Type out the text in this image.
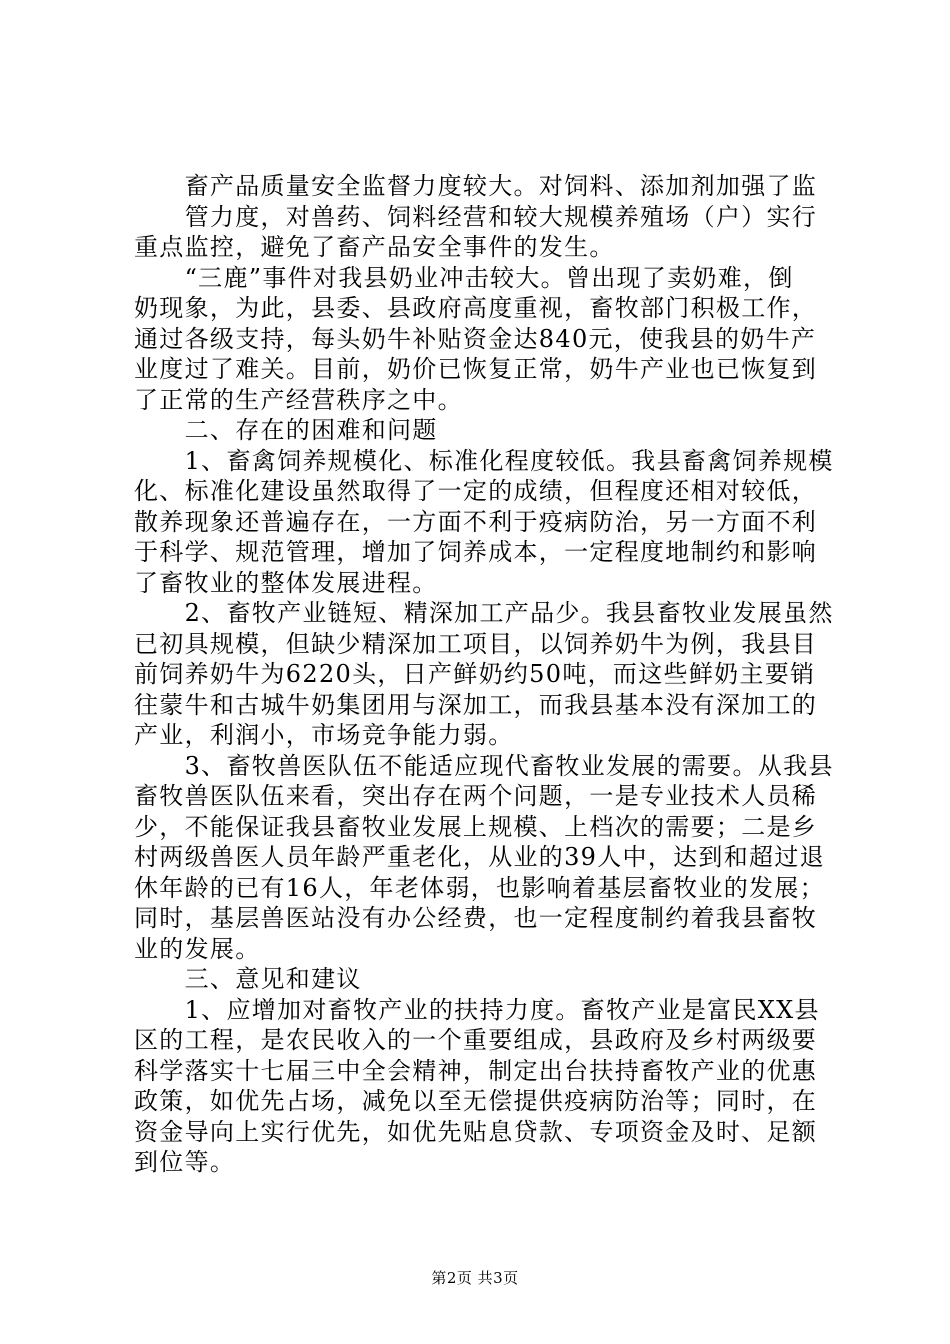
　　畜产品质量安全监督力度较大。对饲料、添加剂加强了监
　　管力度，对兽药、饲料经营和较大规模养殖场（户）实行
重点监控，避免了畜产品安全事件的发生。
　　“三鹿”事件对我县奶业冲击较大。曾出现了卖奶难，倒
奶现象，为此，县委、县政府高度重视，畜牧部门积极工作，
通过各级支持，每头奶牛补贴资金达840元，使我县的奶牛产
业度过了难关。目前，奶价已恢复正常，奶牛产业也已恢复到
了正常的生产经营秩序之中。
　　二、存在的困难和问题
　　1、畜禽饲养规模化、标准化程度较低。我县畜禽饲养规模
化、标准化建设虽然取得了一定的成绩，但程度还相对较低，
散养现象还普遍存在，一方面不利于疫病防治，另一方面不利
于科学、规范管理，增加了饲养成本，一定程度地制约和影响
了畜牧业的整体发展进程。
　　2、畜牧产业链短、精深加工产品少。我县畜牧业发展虽然
已初具规模，但缺少精深加工项目，以饲养奶牛为例，我县目
前饲养奶牛为6220头，日产鲜奶约50吨，而这些鲜奶主要销
往蒙牛和古城牛奶集团用与深加工，而我县基本没有深加工的
产业，利润小，市场竞争能力弱。
　　3、畜牧兽医队伍不能适应现代畜牧业发展的需要。从我县
畜牧兽医队伍来看，突出存在两个问题，一是专业技术人员稀
少，不能保证我县畜牧业发展上规模、上档次的需要；二是乡
村两级兽医人员年龄严重老化，从业的39人中，达到和超过退
休年龄的已有16人，年老体弱，也影响着基层畜牧业的发展；
同时，基层兽医站没有办公经费，也一定程度制约着我县畜牧
业的发展。
　　三、意见和建议
　　1、应增加对畜牧产业的扶持力度。畜牧产业是富民XX县
区的工程，是农民收入的一个重要组成，县政府及乡村两级要
科学落实十七届三中全会精神，制定出台扶持畜牧产业的优惠
政策，如优先占场，减免以至无偿提供疫病防治等；同时，在
资金导向上实行优先，如优先贴息贷款、专项资金及时、足额
到位等。
第2页 共3页
